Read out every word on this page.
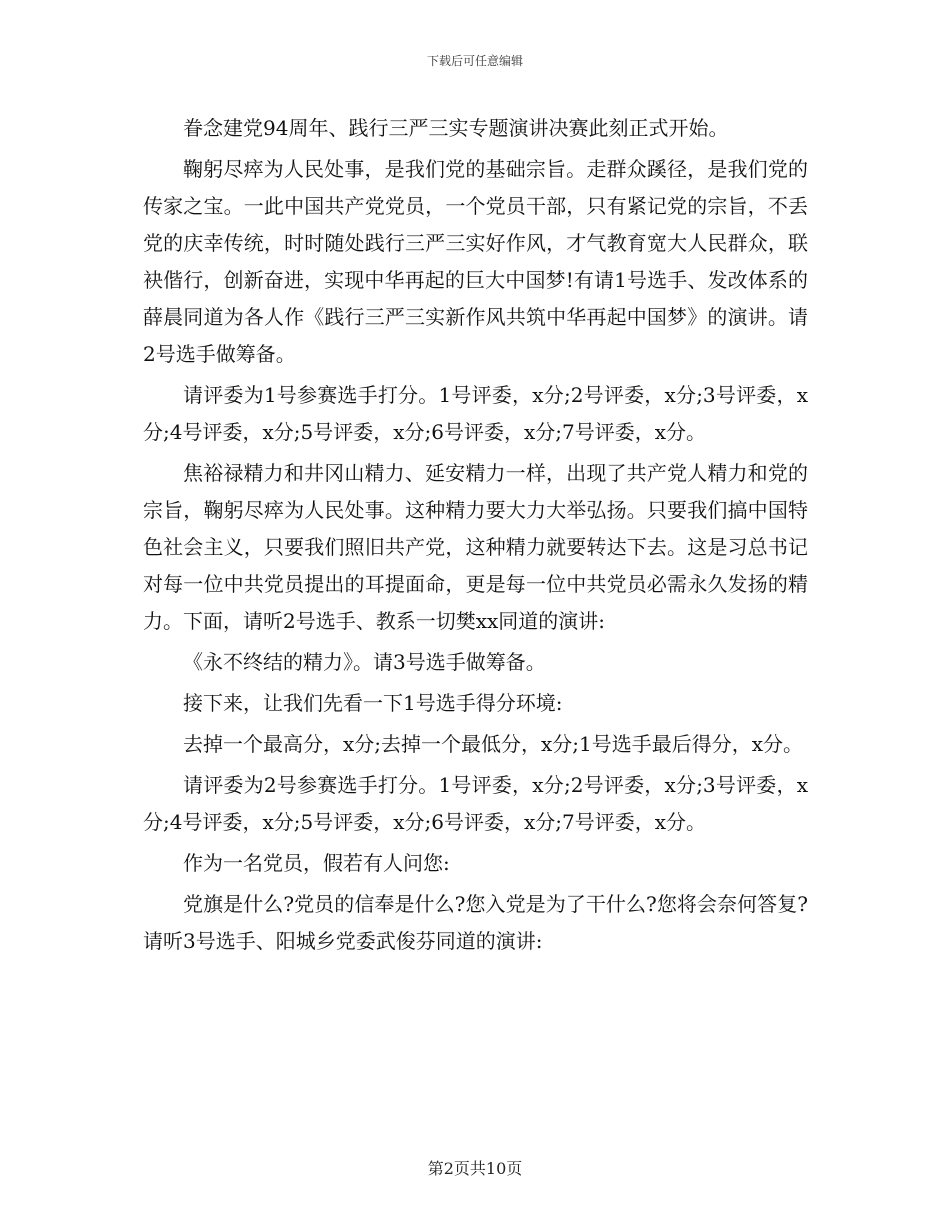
下载后可任意编辑

眷念建党94周年、践行三严三实专题演讲决赛此刻正式开始。

鞠躬尽瘁为人民处事，是我们党的基础宗旨。走群众蹊径，是我们党的传家之宝。一此中国共产党党员，一个党员干部，只有紧记党的宗旨，不丢党的庆幸传统，时时随处践行三严三实好作风，才气教育宽大人民群众，联袂偕行，创新奋进，实现中华再起的巨大中国梦!有请1号选手、发改体系的薛晨同道为各人作《践行三严三实新作风共筑中华再起中国梦》的演讲。请2号选手做筹备。

请评委为1号参赛选手打分。1号评委，x分;2号评委，x分;3号评委，x分;4号评委，x分;5号评委，x分;6号评委，x分;7号评委，x分。

焦裕禄精力和井冈山精力、延安精力一样，出现了共产党人精力和党的宗旨，鞠躬尽瘁为人民处事。这种精力要大力大举弘扬。只要我们搞中国特色社会主义，只要我们照旧共产党，这种精力就要转达下去。这是习总书记对每一位中共党员提出的耳提面命，更是每一位中共党员必需永久发扬的精力。下面，请听2号选手、教系一切樊xx同道的演讲:

《永不终结的精力》。请3号选手做筹备。

接下来，让我们先看一下1号选手得分环境:

去掉一个最高分，x分;去掉一个最低分，x分;1号选手最后得分，x分。

请评委为2号参赛选手打分。1号评委，x分;2号评委，x分;3号评委，x分;4号评委，x分;5号评委，x分;6号评委，x分;7号评委，x分。

作为一名党员，假若有人问您:

党旗是什么?党员的信奉是什么?您入党是为了干什么?您将会奈何答复?请听3号选手、阳城乡党委武俊芬同道的演讲:

第2页共10页
